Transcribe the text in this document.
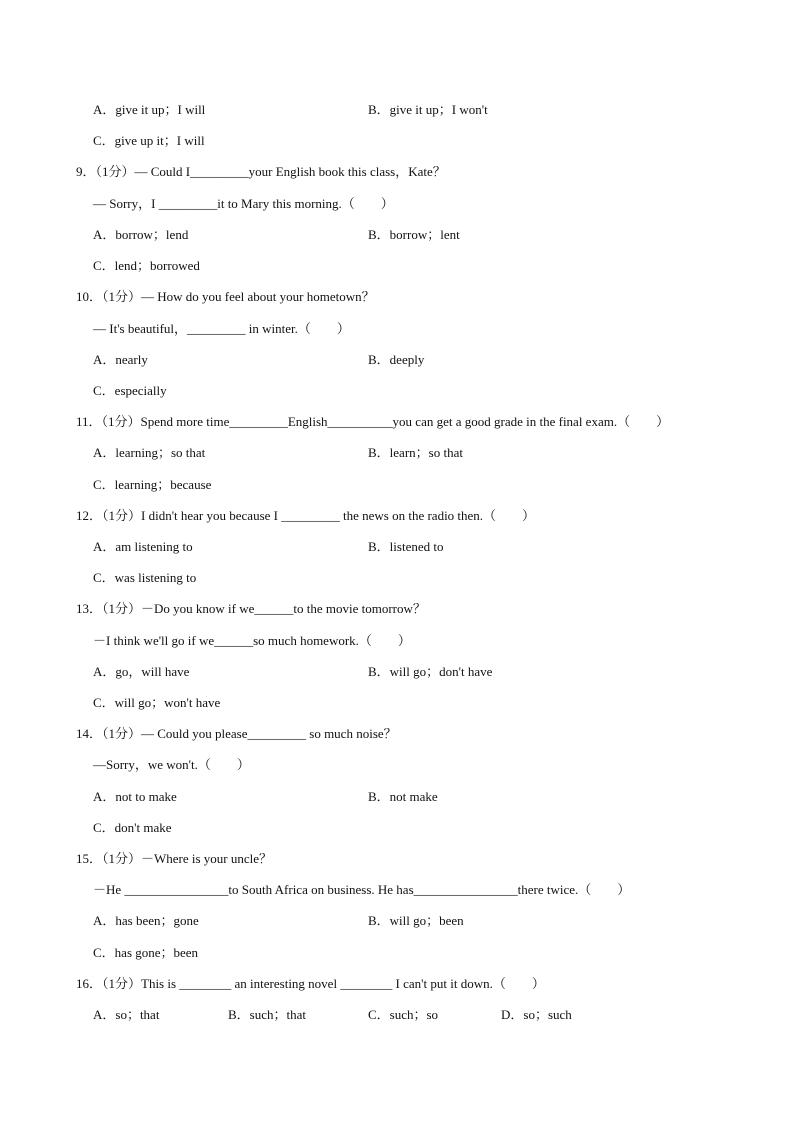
A．give it up；I will	B．give it up；I won't
C．give up it；I will
9．（1分）— Could I_________your English book this class，Kate？
— Sorry，I _________it to Mary this morning.（　　）
A．borrow；lend	B．borrow；lent
C．lend；borrowed
10．（1分）— How do you feel about your hometown？
— It's beautiful，_________ in winter.（　　）
A．nearly	B．deeply
C．especially
11．（1分）Spend more time_________English__________you can get a good grade in the final exam.（　　）
A．learning；so that	B．learn；so that
C．learning；because
12．（1分）I didn't hear you because I _________ the news on the radio then.（　　）
A．am listening to	B．listened to
C．was listening to
13．（1分）－Do you know if we______to the movie tomorrow？
－I think we'll go if we______so much homework.（　　）
A．go，will have	B．will go；don't have
C．will go；won't have
14．（1分）— Could you please_________ so much noise？
—Sorry，we won't.（　　）
A．not to make	B．not make
C．don't make
15．（1分）－Where is your uncle？
－He ________________to South Africa on business. He has________________there twice.（　　）
A．has been；gone	B．will go；been
C．has gone；been
16．（1分）This is ________ an interesting novel ________ I can't put it down.（　　）
A．so；that	B．such；that	C．such；so	D．so；such
